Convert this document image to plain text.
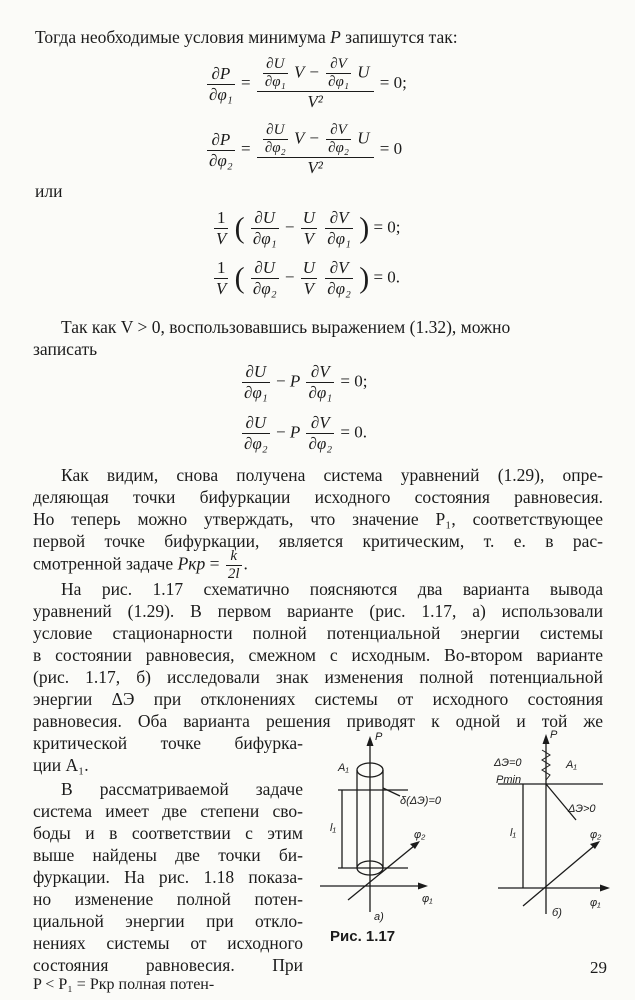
Тогда необходимые условия минимума P запишутся так:
$\frac{\partial P}{\text{∂φ₁}} = \frac{\frac{\partial U}{\text{∂φ₁}} V - \frac{\partial V}{\text{∂φ₁}} U}{\text{V²}} = 0$;
$\frac{\partial P}{\text{∂φ₂}} = \frac{\frac{\partial U}{\text{∂φ₂}} V - \frac{\partial V}{\text{∂φ₂}} U}{\text{V²}} = 0$
или
$\frac{1}{V}$ ( $\frac{\partial U}{\text{∂φ₁}} - \frac{U}{V}$
$\frac{\partial V}{\text{∂φ₁}}$ ) = 0;
$\frac{1}{V}$ ( $\frac{\partial U}{\text{∂φ₂}} - \frac{U}{V}$
$\frac{\partial V}{\text{∂φ₂}}$ ) = 0.
Так как V > 0, воспользовавшись выражением (1.32), можно
записать
$\frac{\partial U}{\text{∂φ₁}} - P \frac{\partial V}{\text{∂φ₁}} = 0$;
$\frac{\partial U}{\text{∂φ₂}} - P \frac{\partial V}{\text{∂φ₂}} = 0$.
Как видим, снова получена система уравнений (1.29), опре-
деляющая точки бифуркации исходного состояния равновесия.
Но теперь можно утверждать, что значение P₁, соответствующее
первой точке бифуркации, является критическим, т. е. в рас-
смотренной задаче Pкр = $\frac{k}{2l}$ .
На рис. 1.17 схематично поясняются два варианта вывода
уравнений (1.29). В первом варианте (рис. 1.17, а) использовали
условие стационарности полной потенциальной энергии системы
в состоянии равновесия, смежном с исходным. Во-втором варианте
(рис. 1.17, б) исследовали знак изменения полной потенциальной
энергии ΔЭ при отклонениях системы от исходного состояния
равновесия. Оба варианта решения приводят к одной и той же
критической точке бифурка-
ции A₁.
В рассматриваемой задаче
система имеет две степени сво-
боды и в соответствии с этим
выше найдены две точки би-
фуркации. На рис. 1.18 показа-
но изменение полной потен-
циальной энергии при откло-
нениях системы от исходного
состояния равновесия. При
P < P₁ = Pкр полная потен-
P
A₁
δ(ΔЭ)=0
l₁
φ₂
φ₁
a)
P
ΔЭ=0
Pmin
A₁
ΔЭ>0
l₁	φ₂
φ₁
б)
Рис. 1.17
29
